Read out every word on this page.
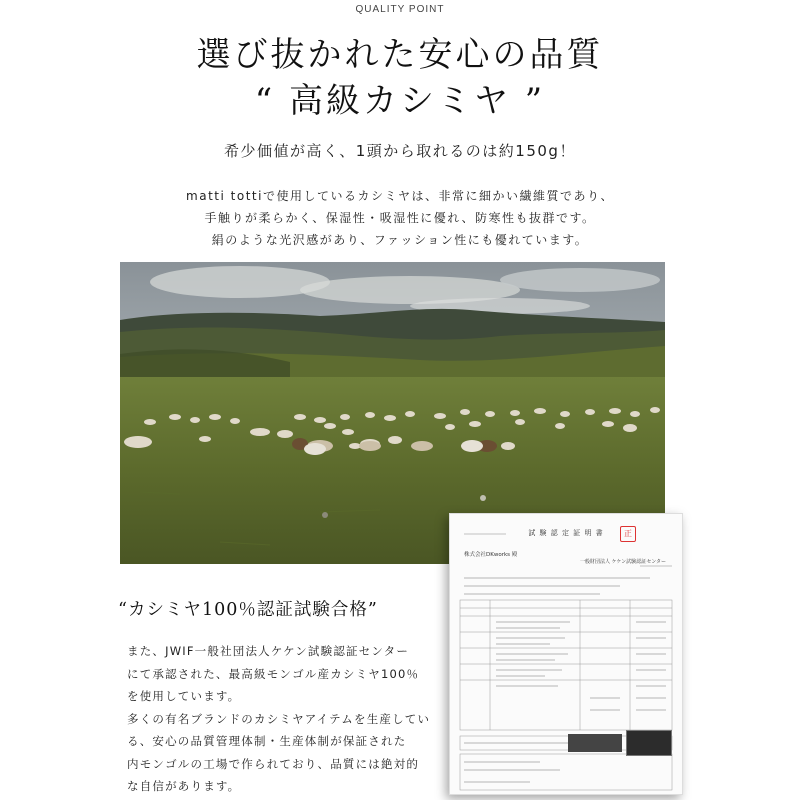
QUALITY POINT
選び抜かれた安心の品質
“ 高級カシミヤ ”
希少価値が高く、1頭から取れるのは約150g！
matti tottiで使用しているカシミヤは、非常に細かい繊維質であり、
手触りが柔らかく、保湿性・吸湿性に優れ、防寒性も抜群です。
絹のような光沢感があり、ファッション性にも優れています。
試 験 認 定 証 明 書	正
株式会社DKworks 殿
一般財団法人 ケケン試験認証センター
“カシミヤ100％認証試験合格”
また、JWIF一般社団法人ケケン試験認証センター
にて承認された、最高級モンゴル産カシミヤ100％
を使用しています。
多くの有名ブランドのカシミヤアイテムを生産してい
る、安心の品質管理体制・生産体制が保証された
内モンゴルの工場で作られており、品質には絶対的
な自信があります。
